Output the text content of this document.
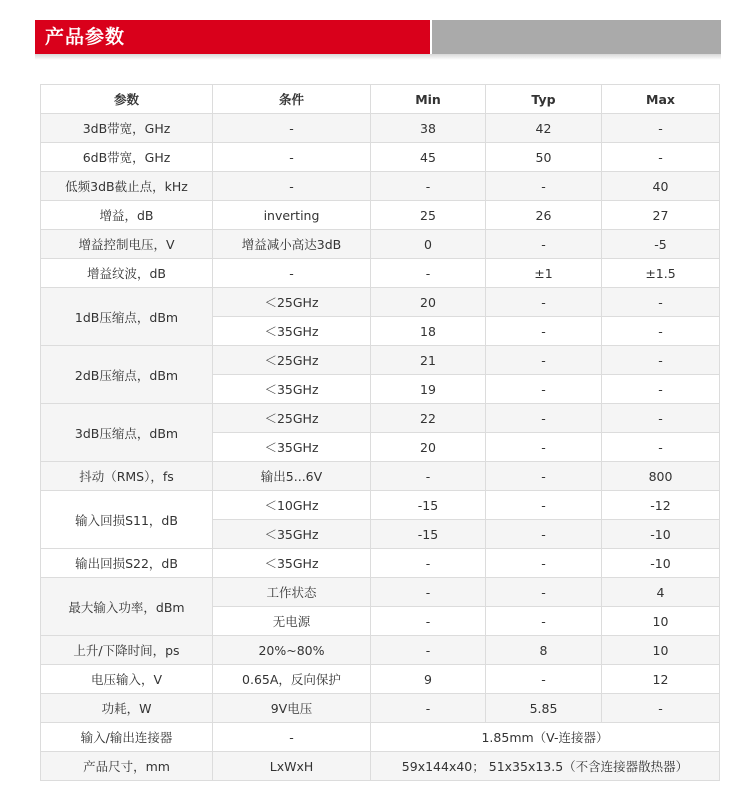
产品参数
参数	条件	Min	Typ	Max
3dB带宽，GHz	-	38	42	-
6dB带宽，GHz	-	45	50	-
低频3dB截止点，kHz	-	-	-	40
增益，dB	inverting	25	26	27
增益控制电压，V	增益减小高达3dB	0	-	-5
增益纹波，dB	-	-	±1	±1.5
1dB压缩点，dBm	＜25GHz	20	-	-
	＜35GHz	18	-	-
2dB压缩点，dBm	＜25GHz	21	-	-
	＜35GHz	19	-	-
3dB压缩点，dBm	＜25GHz	22	-	-
	＜35GHz	20	-	-
抖动（RMS），fs	输出5...6V	-	-	800
输入回损S11，dB	＜10GHz	-15	-	-12
	＜35GHz	-15	-	-10
输出回损S22，dB	＜35GHz	-	-	-10
最大输入功率，dBm	工作状态	-	-	4
	无电源	-	-	10
上升/下降时间，ps	20%~80%	-	8	10
电压输入，V	0.65A，反向保护	9	-	12
功耗，W	9V电压	-	5.85	-
输入/输出连接器	-	1.85mm（V-连接器）		
产品尺寸，mm	LxWxH	59x144x40； 51x35x13.5（不含连接器散热器）		
